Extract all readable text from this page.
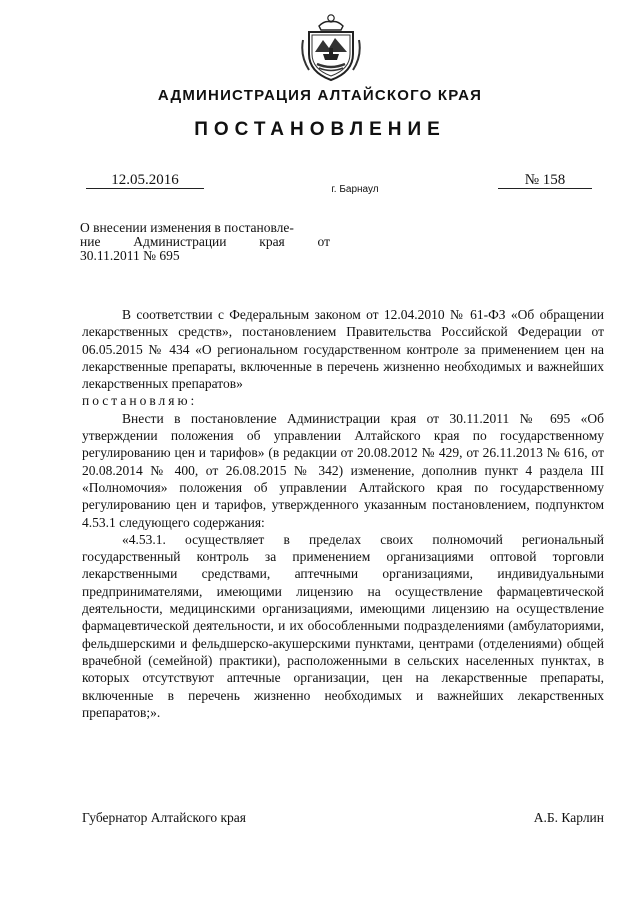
АДМИНИСТРАЦИЯ АЛТАЙСКОГО КРАЯ
ПОСТАНОВЛЕНИЕ
12.05.2016	№ 158
г. Барнаул
О внесении изменения в постановле-
ние Администрации края от
30.11.2011 № 695

В соответствии с Федеральным законом от 12.04.2010 № 61-ФЗ «Об обращении лекарственных средств», постановлением Правительства Российской Федерации от 06.05.2015 № 434 «О региональном государственном контроле за применением цен на лекарственные препараты, включенные в перечень жизненно необходимых и важнейших лекарственных препаратов»

постановляю:

Внести в постановление Администрации края от 30.11.2011 № 695 «Об утверждении положения об управлении Алтайского края по государственному регулированию цен и тарифов» (в редакции от 20.08.2012 № 429, от 26.11.2013 № 616, от 20.08.2014 № 400, от 26.08.2015 № 342) изменение, дополнив пункт 4 раздела III «Полномочия» положения об управлении Алтайского края по государственному регулированию цен и тарифов, утвержденного указанным постановлением, подпунктом 4.53.1 следующего содержания:

«4.53.1. осуществляет в пределах своих полномочий региональный государственный контроль за применением организациями оптовой торговли лекарственными средствами, аптечными организациями, индивидуальными предпринимателями, имеющими лицензию на осуществление фармацевтической деятельности, медицинскими организациями, имеющими лицензию на осуществление фармацевтической деятельности, и их обособленными подразделениями (амбулаториями, фельдшерскими и фельдшерско-акушерскими пунктами, центрами (отделениями) общей врачебной (семейной) практики), расположенными в сельских населенных пунктах, в которых отсутствуют аптечные организации, цен на лекарственные препараты, включенные в перечень жизненно необходимых и важнейших лекарственных препаратов;».

Губернатор Алтайского края	А.Б. Карлин
